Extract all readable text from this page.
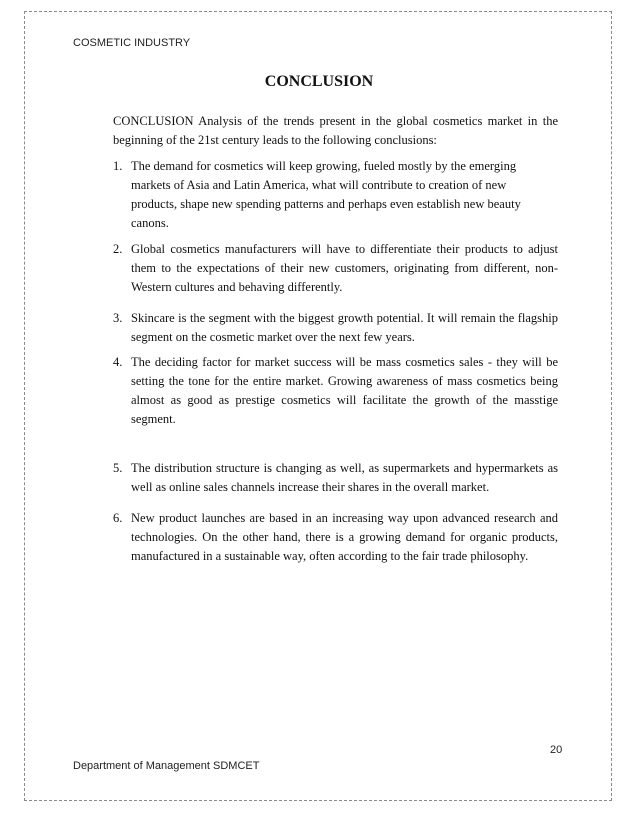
COSMETIC INDUSTRY
CONCLUSION

CONCLUSION Analysis of the trends present in the global cosmetics market in the beginning of the 21st century leads to the following conclusions:

1. The demand for cosmetics will keep growing, fueled mostly by the emerging markets of Asia and Latin America, what will contribute to creation of new products, shape new spending patterns and perhaps even establish new beauty canons.
2. Global cosmetics manufacturers will have to differentiate their products to adjust them to the expectations of their new customers, originating from different, non-Western cultures and behaving differently.
3. Skincare is the segment with the biggest growth potential. It will remain the flagship segment on the cosmetic market over the next few years.
4. The deciding factor for market success will be mass cosmetics sales - they will be setting the tone for the entire market. Growing awareness of mass cosmetics being almost as good as prestige cosmetics will facilitate the growth of the masstige segment.
5. The distribution structure is changing as well, as supermarkets and hypermarkets as well as online sales channels increase their shares in the overall market.
6. New product launches are based in an increasing way upon advanced research and technologies. On the other hand, there is a growing demand for organic products, manufactured in a sustainable way, often according to the fair trade philosophy.
20
Department of Management SDMCET
